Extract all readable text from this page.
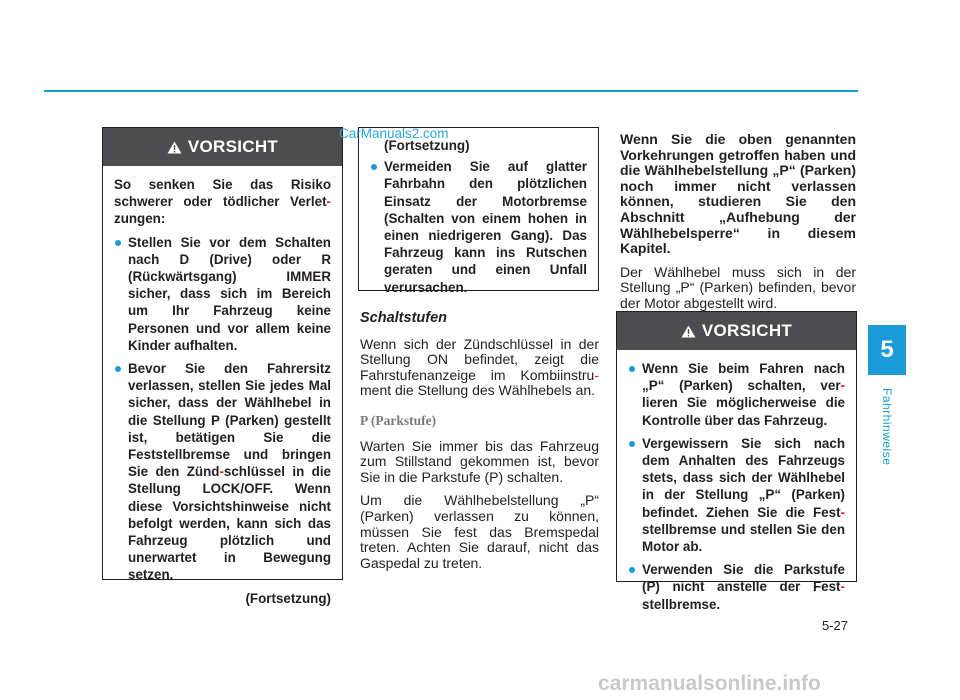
CarManuals2.com
VORSICHT

So senken Sie das Risiko schwerer oder tödlicher Verlet-zungen:

Stellen Sie vor dem Schalten nach D (Drive) oder R (Rückwärtsgang) IMMER sicher, dass sich im Bereich um Ihr Fahrzeug keine Personen und vor allem keine Kinder aufhalten.
Bevor Sie den Fahrersitz verlassen, stellen Sie jedes Mal sicher, dass der Wählhebel in die Stellung P (Parken) gestellt ist, betätigen Sie die Feststellbremse und bringen Sie den Zünd-schlüssel in die Stellung LOCK/OFF. Wenn diese Vorsichtshinweise nicht befolgt werden, kann sich das Fahrzeug plötzlich und unerwartet in Bewegung setzen.
(Fortsetzung)
(Fortsetzung)
Vermeiden Sie auf glatter Fahrbahn den plötzlichen Einsatz der Motorbremse (Schalten von einem hohen in einen niedrigeren Gang). Das Fahrzeug kann ins Rutschen geraten und einen Unfall verursachen.
Schaltstufen

Wenn sich der Zündschlüssel in der Stellung ON befindet, zeigt die Fahrstufenanzeige im Kombiinstru-ment die Stellung des Wählhebels an.

P (Parkstufe)

Warten Sie immer bis das Fahrzeug zum Stillstand gekommen ist, bevor Sie in die Parkstufe (P) schalten.

Um die Wählhebelstellung „P“ (Parken) verlassen zu können, müssen Sie fest das Bremspedal treten. Achten Sie darauf, nicht das Gaspedal zu treten.

Wenn Sie die oben genannten Vorkehrungen getroffen haben und die Wählhebelstellung „P“ (Parken) noch immer nicht verlassen können, studieren Sie den Abschnitt „Aufhebung der Wählhebelsperre“ in diesem Kapitel.

Der Wählhebel muss sich in der Stellung „P“ (Parken) befinden, bevor der Motor abgestellt wird.

VORSICHT
Wenn Sie beim Fahren nach „P“ (Parken) schalten, ver-lieren Sie möglicherweise die Kontrolle über das Fahrzeug.
Vergewissern Sie sich nach dem Anhalten des Fahrzeugs stets, dass sich der Wählhebel in der Stellung „P“ (Parken) befindet. Ziehen Sie die Fest-stellbremse und stellen Sie den Motor ab.
Verwenden Sie die Parkstufe (P) nicht anstelle der Fest-stellbremse.
5
Fahrhinweise
5-27
carmanualsonline.info
